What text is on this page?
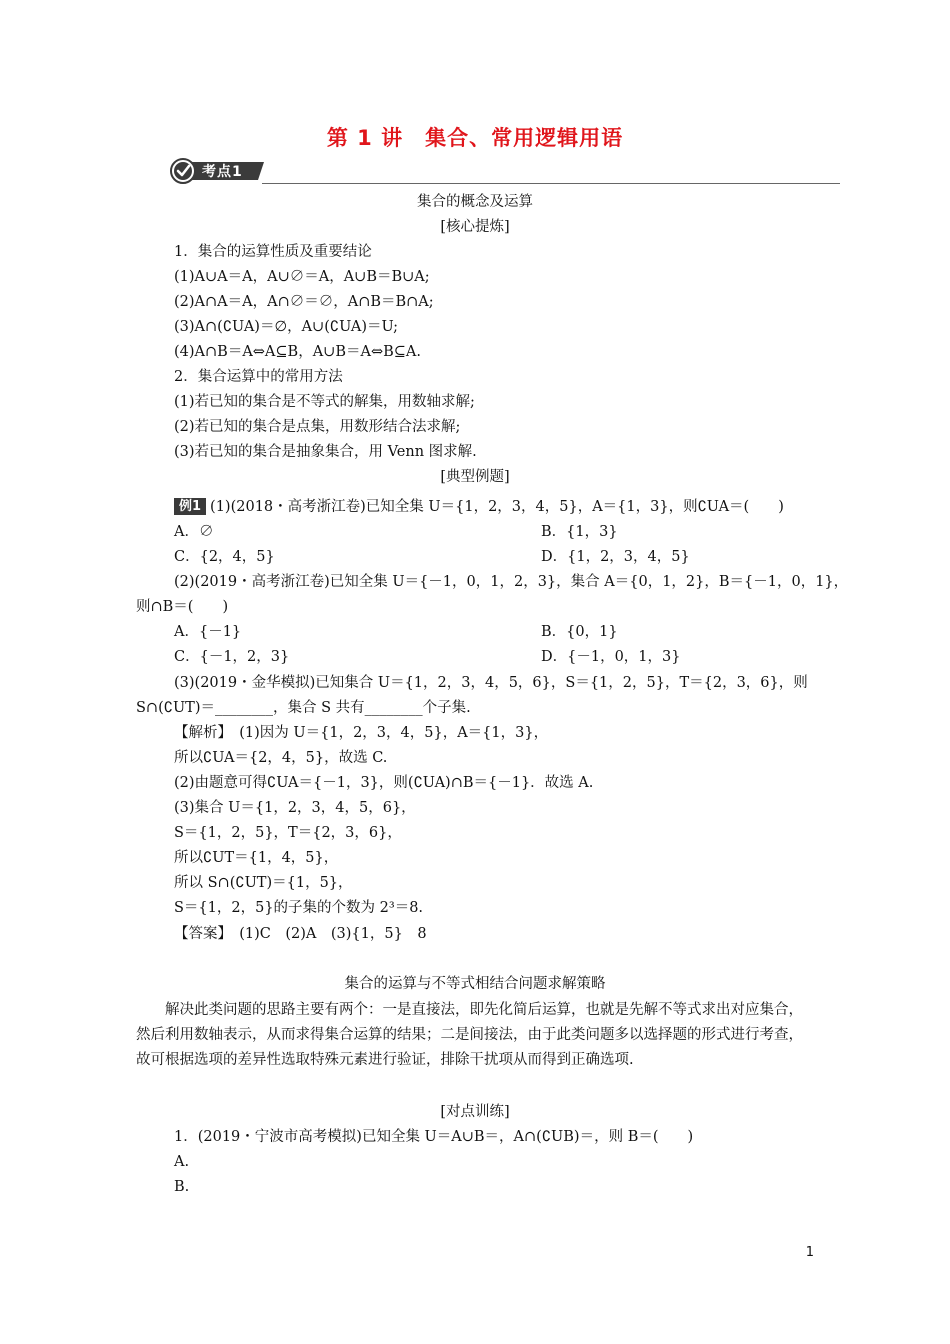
第 1 讲　集合、常用逻辑用语
考点1
集合的概念及运算
[核心提炼]
1．集合的运算性质及重要结论
(1)A∪A＝A，A∪∅＝A，A∪B＝B∪A;
(2)A∩A＝A，A∩∅＝∅，A∩B＝B∩A;
(3)A∩(∁UA)＝∅，A∪(∁UA)＝U;
(4)A∩B＝A⇔A⊆B，A∪B＝A⇔B⊆A.
2．集合运算中的常用方法
(1)若已知的集合是不等式的解集，用数轴求解;
(2)若已知的集合是点集，用数形结合法求解;
(3)若已知的集合是抽象集合，用 Venn 图求解.
[典型例题]
例1 (1)(2018・高考浙江卷)已知全集 U＝{1，2，3，4，5}，A＝{1，3}，则∁UA＝(　　)
A．∅	B．{1，3}
C．{2，4，5}	D．{1，2，3，4，5}
(2)(2019・高考浙江卷)已知全集 U＝{－1，0，1，2，3}，集合 A＝{0，1，2}，B＝{－1，0，1}，
则∩B＝(　　)
A．{－1}	B．{0，1}
C．{－1，2，3}	D．{－1，0，1，3}
(3)(2019・金华模拟)已知集合 U＝{1，2，3，4，5，6}，S＝{1，2，5}，T＝{2，3，6}，则
S∩(∁UT)＝________，集合 S 共有________个子集.
【解析】　(1)因为 U＝{1，2，3，4，5}，A＝{1，3}，
所以∁UA＝{2，4，5}，故选 C.
(2)由题意可得∁UA＝{－1，3}，则(∁UA)∩B＝{－1}．故选 A.
(3)集合 U＝{1，2，3，4，5，6}，
S＝{1，2，5}，T＝{2，3，6}，
所以∁UT＝{1，4，5}，
所以 S∩(∁UT)＝{1，5}，
S＝{1，2，5}的子集的个数为 2³＝8.
【答案】　(1)C　(2)A　(3){1，5}　8
集合的运算与不等式相结合问题求解策略
解决此类问题的思路主要有两个：一是直接法，即先化简后运算，也就是先解不等式求出对应集合，然后利用数轴表示，从而求得集合运算的结果；二是间接法，由于此类问题多以选择题的形式进行考查，故可根据选项的差异性选取特殊元素进行验证，排除干扰项从而得到正确选项.
[对点训练]
1．(2019・宁波市高考模拟)已知全集 U＝A∪B＝，A∩(∁UB)＝，则 B＝(　　)
A.
B.
1
